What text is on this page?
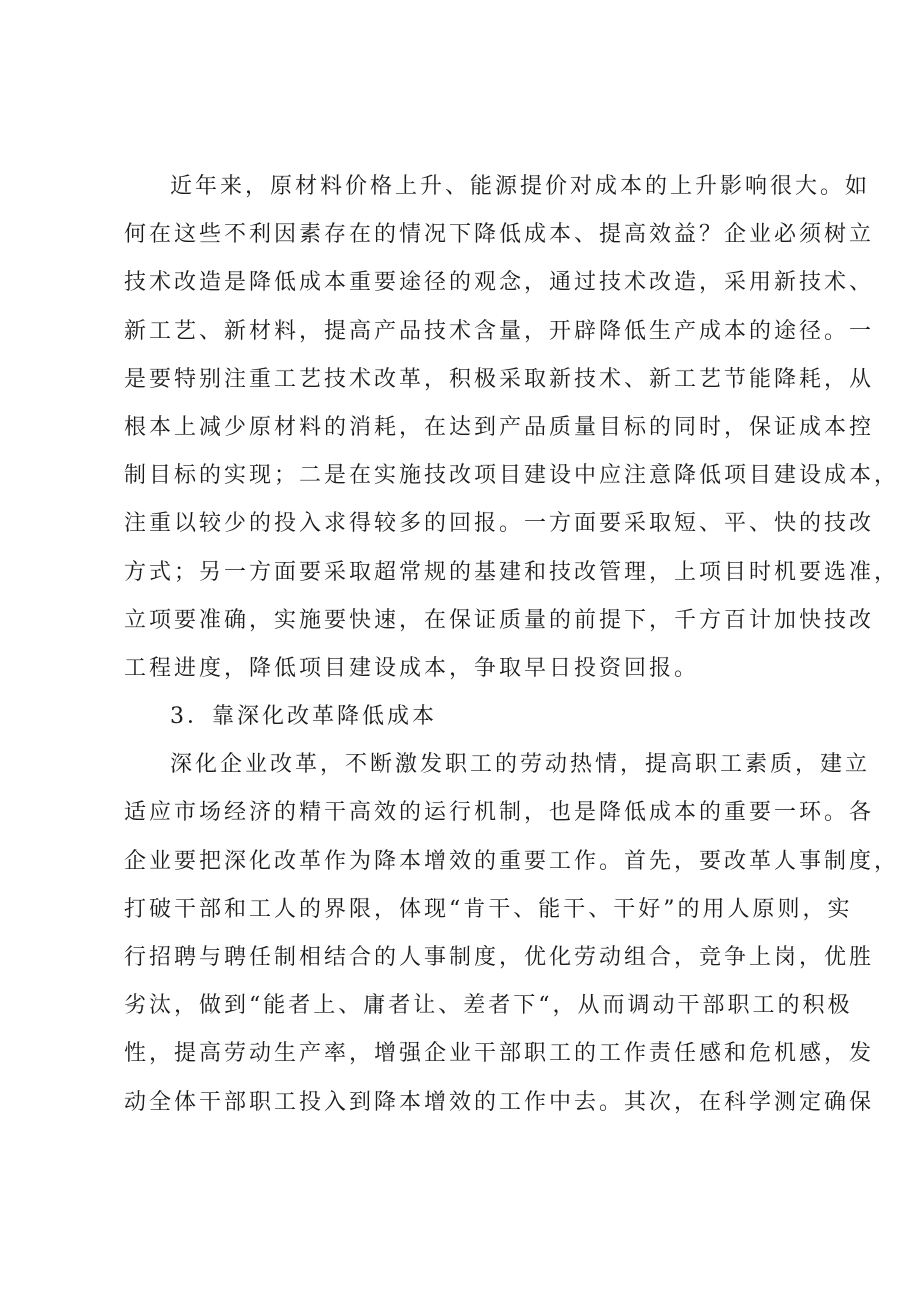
近年来，原材料价格上升、能源提价对成本的上升影响很大。如
何在这些不利因素存在的情况下降低成本、提高效益？企业必须树立
技术改造是降低成本重要途径的观念，通过技术改造，采用新技术、
新工艺、新材料，提高产品技术含量，开辟降低生产成本的途径。一
是要特别注重工艺技术改革，积极采取新技术、新工艺节能降耗，从
根本上减少原材料的消耗，在达到产品质量目标的同时，保证成本控
制目标的实现；二是在实施技改项目建设中应注意降低项目建设成本，
注重以较少的投入求得较多的回报。一方面要采取短、平、快的技改
方式；另一方面要采取超常规的基建和技改管理，上项目时机要选准，
立项要准确，实施要快速，在保证质量的前提下，千方百计加快技改
工程进度，降低项目建设成本，争取早日投资回报。
3．靠深化改革降低成本
深化企业改革，不断激发职工的劳动热情，提高职工素质，建立
适应市场经济的精干高效的运行机制，也是降低成本的重要一环。各
企业要把深化改革作为降本增效的重要工作。首先，要改革人事制度，
打破干部和工人的界限，体现“肯干、能干、干好”的用人原则，实
行招聘与聘任制相结合的人事制度，优化劳动组合，竞争上岗，优胜
劣汰，做到“能者上、庸者让、差者下“，从而调动干部职工的积极
性，提高劳动生产率，增强企业干部职工的工作责任感和危机感，发
动全体干部职工投入到降本增效的工作中去。其次，在科学测定确保
